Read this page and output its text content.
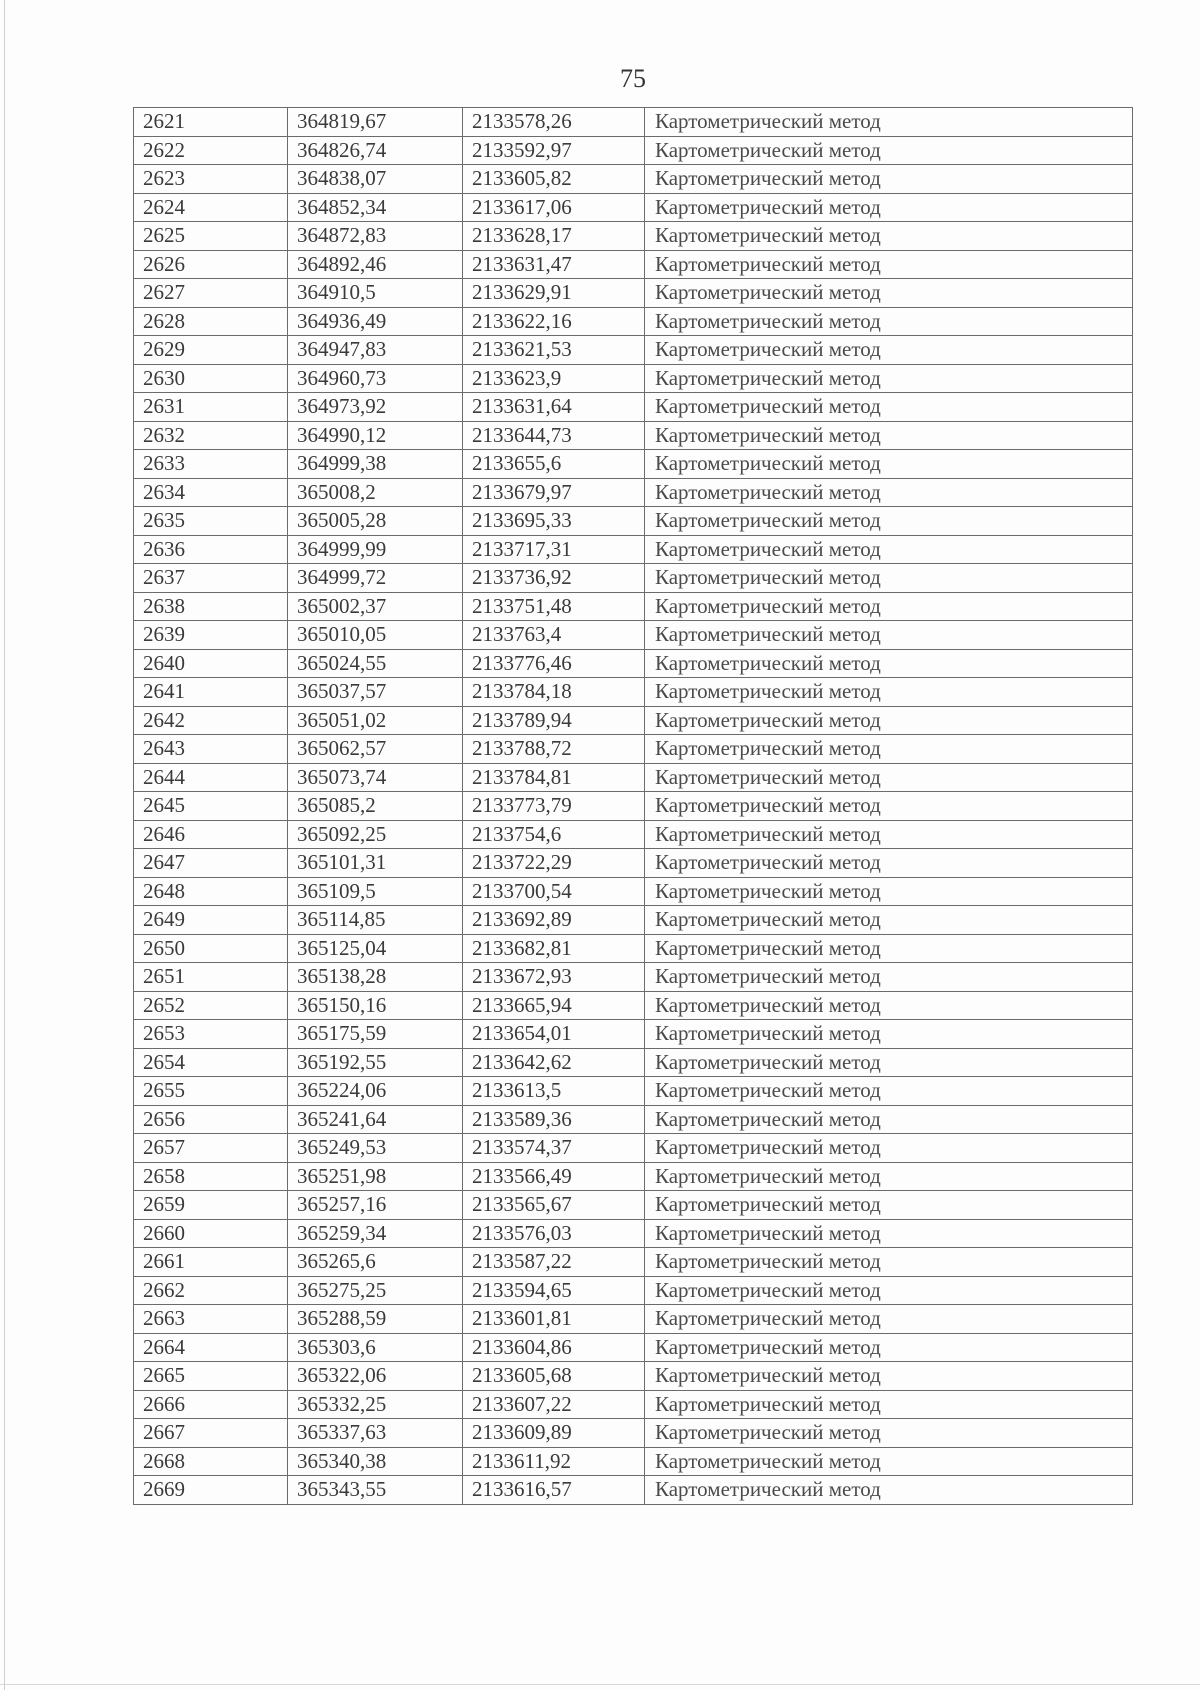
75
2621	364819,67	2133578,26	Картометрический метод
2622	364826,74	2133592,97	Картометрический метод
2623	364838,07	2133605,82	Картометрический метод
2624	364852,34	2133617,06	Картометрический метод
2625	364872,83	2133628,17	Картометрический метод
2626	364892,46	2133631,47	Картометрический метод
2627	364910,5	2133629,91	Картометрический метод
2628	364936,49	2133622,16	Картометрический метод
2629	364947,83	2133621,53	Картометрический метод
2630	364960,73	2133623,9	Картометрический метод
2631	364973,92	2133631,64	Картометрический метод
2632	364990,12	2133644,73	Картометрический метод
2633	364999,38	2133655,6	Картометрический метод
2634	365008,2	2133679,97	Картометрический метод
2635	365005,28	2133695,33	Картометрический метод
2636	364999,99	2133717,31	Картометрический метод
2637	364999,72	2133736,92	Картометрический метод
2638	365002,37	2133751,48	Картометрический метод
2639	365010,05	2133763,4	Картометрический метод
2640	365024,55	2133776,46	Картометрический метод
2641	365037,57	2133784,18	Картометрический метод
2642	365051,02	2133789,94	Картометрический метод
2643	365062,57	2133788,72	Картометрический метод
2644	365073,74	2133784,81	Картометрический метод
2645	365085,2	2133773,79	Картометрический метод
2646	365092,25	2133754,6	Картометрический метод
2647	365101,31	2133722,29	Картометрический метод
2648	365109,5	2133700,54	Картометрический метод
2649	365114,85	2133692,89	Картометрический метод
2650	365125,04	2133682,81	Картометрический метод
2651	365138,28	2133672,93	Картометрический метод
2652	365150,16	2133665,94	Картометрический метод
2653	365175,59	2133654,01	Картометрический метод
2654	365192,55	2133642,62	Картометрический метод
2655	365224,06	2133613,5	Картометрический метод
2656	365241,64	2133589,36	Картометрический метод
2657	365249,53	2133574,37	Картометрический метод
2658	365251,98	2133566,49	Картометрический метод
2659	365257,16	2133565,67	Картометрический метод
2660	365259,34	2133576,03	Картометрический метод
2661	365265,6	2133587,22	Картометрический метод
2662	365275,25	2133594,65	Картометрический метод
2663	365288,59	2133601,81	Картометрический метод
2664	365303,6	2133604,86	Картометрический метод
2665	365322,06	2133605,68	Картометрический метод
2666	365332,25	2133607,22	Картометрический метод
2667	365337,63	2133609,89	Картометрический метод
2668	365340,38	2133611,92	Картометрический метод
2669	365343,55	2133616,57	Картометрический метод
